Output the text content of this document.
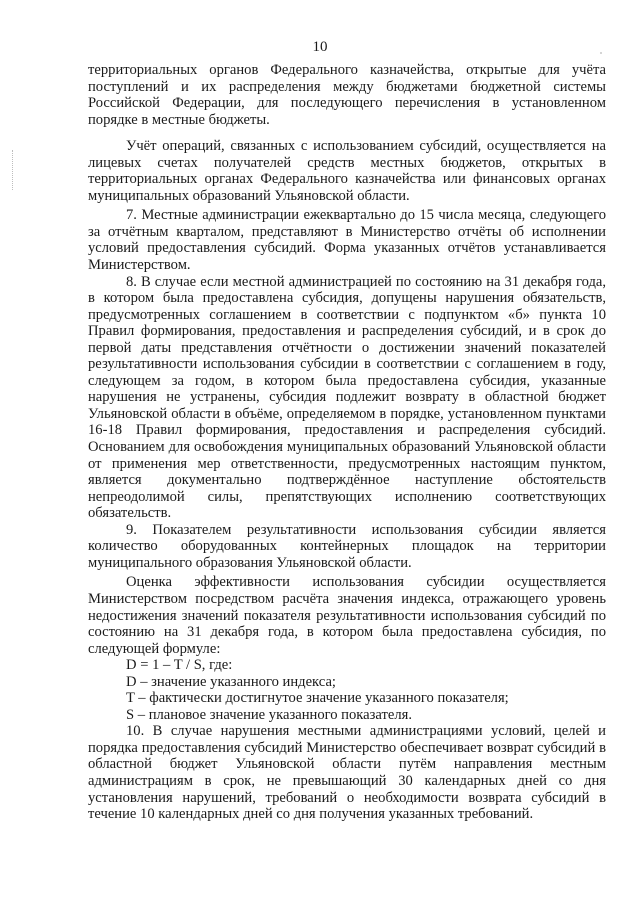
10

территориальных органов Федерального казначейства, открытые для учёта поступлений и их распределения между бюджетами бюджетной системы Российской Федерации, для последующего перечисления в установленном порядке в местные бюджеты.

Учёт операций, связанных с использованием субсидий, осуществляется на лицевых счетах получателей средств местных бюджетов, открытых в территориальных органах Федерального казначейства или финансовых органах муниципальных образований Ульяновской области.

7. Местные администрации ежеквартально до 15 числа месяца, следующего за отчётным кварталом, представляют в Министерство отчёты об исполнении условий предоставления субсидий. Форма указанных отчётов устанавливается Министерством.

8. В случае если местной администрацией по состоянию на 31 декабря года, в котором была предоставлена субсидия, допущены нарушения обязательств, предусмотренных соглашением в соответствии с подпунктом «б» пункта 10 Правил формирования, предоставления и распределения субсидий, и в срок до первой даты представления отчётности о достижении значений показателей результативности использования субсидии в соответствии с соглашением в году, следующем за годом, в котором была предоставлена субсидия, указанные нарушения не устранены, субсидия подлежит возврату в областной бюджет Ульяновской области в объёме, определяемом в порядке, установленном пунктами 16-18 Правил формирования, предоставления и распределения субсидий. Основанием для освобождения муниципальных образований Ульяновской области от применения мер ответственности, предусмотренных настоящим пунктом, является документально подтверждённое наступление обстоятельств непреодолимой силы, препятствующих исполнению соответствующих обязательств.

9. Показателем результативности использования субсидии является количество оборудованных контейнерных площадок на территории муниципального образования Ульяновской области.

Оценка эффективности использования субсидии осуществляется Министерством посредством расчёта значения индекса, отражающего уровень недостижения значений показателя результативности использования субсидий по состоянию на 31 декабря года, в котором была предоставлена субсидия, по следующей формуле:

D = 1 – T / S, где:

D – значение указанного индекса;

T – фактически достигнутое значение указанного показателя;

S – плановое значение указанного показателя.

10. В случае нарушения местными администрациями условий, целей и порядка предоставления субсидий Министерство обеспечивает возврат субсидий в областной бюджет Ульяновской области путём направления местным администрациям в срок, не превышающий 30 календарных дней со дня установления нарушений, требований о необходимости возврата субсидий в течение 10 календарных дней со дня получения указанных требований.
